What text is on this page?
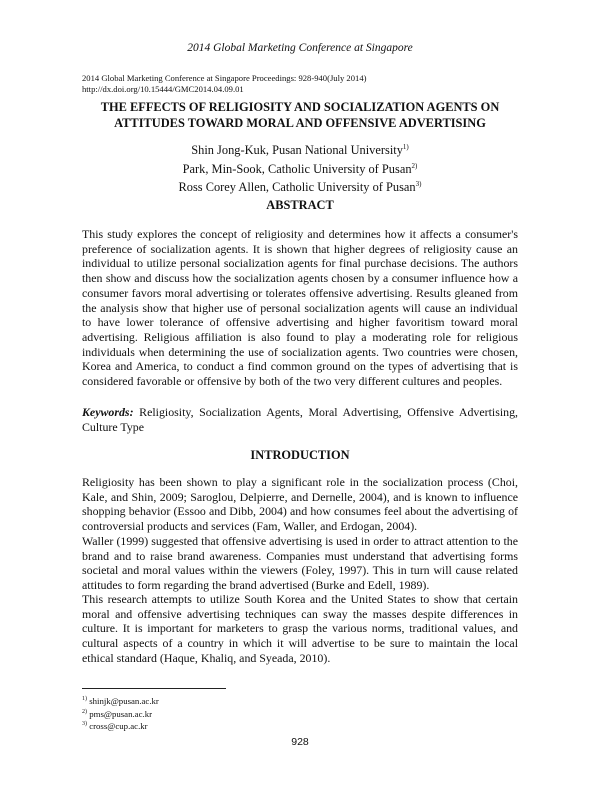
2014 Global Marketing Conference at Singapore
2014 Global Marketing Conference at Singapore Proceedings: 928-940(July 2014)
http://dx.doi.org/10.15444/GMC2014.04.09.01
THE EFFECTS OF RELIGIOSITY AND SOCIALIZATION AGENTS ON
ATTITUDES TOWARD MORAL AND OFFENSIVE ADVERTISING
Shin Jong-Kuk, Pusan National University$^{1)}$
Park, Min-Sook, Catholic University of Pusan$^{2)}$
Ross Corey Allen, Catholic University of Pusan$^{3)}$
ABSTRACT

This study explores the concept of religiosity and determines how it affects a consumer's preference of socialization agents. It is shown that higher degrees of religiosity cause an individual to utilize personal socialization agents for final purchase decisions. The authors then show and discuss how the socialization agents chosen by a consumer influence how a consumer favors moral advertising or tolerates offensive advertising. Results gleaned from the analysis show that higher use of personal socialization agents will cause an individual to have lower tolerance of offensive advertising and higher favoritism toward moral advertising. Religious affiliation is also found to play a moderating role for religious individuals when determining the use of socialization agents. Two countries were chosen, Korea and America, to conduct a find common ground on the types of advertising that is considered favorable or offensive by both of the two very different cultures and peoples.

Keywords: Religiosity, Socialization Agents, Moral Advertising, Offensive Advertising, Culture Type

INTRODUCTION

Religiosity has been shown to play a significant role in the socialization process (Choi, Kale, and Shin, 2009; Saroglou, Delpierre, and Dernelle, 2004), and is known to influence shopping behavior (Essoo and Dibb, 2004) and how consumes feel about the advertising of controversial products and services (Fam, Waller, and Erdogan, 2004).

Waller (1999) suggested that offensive advertising is used in order to attract attention to the brand and to raise brand awareness. Companies must understand that advertising forms societal and moral values within the viewers (Foley, 1997). This in turn will cause related attitudes to form regarding the brand advertised (Burke and Edell, 1989).

This research attempts to utilize South Korea and the United States to show that certain moral and offensive advertising techniques can sway the masses despite differences in culture. It is important for marketers to grasp the various norms, traditional values, and cultural aspects of a country in which it will advertise to be sure to maintain the local ethical standard (Haque, Khaliq, and Syeada, 2010).

$^{1)}$ shinjk@pusan.ac.kr
$^{2)}$ pms@pusan.ac.kr
$^{3)}$ cross@cup.ac.kr
928
